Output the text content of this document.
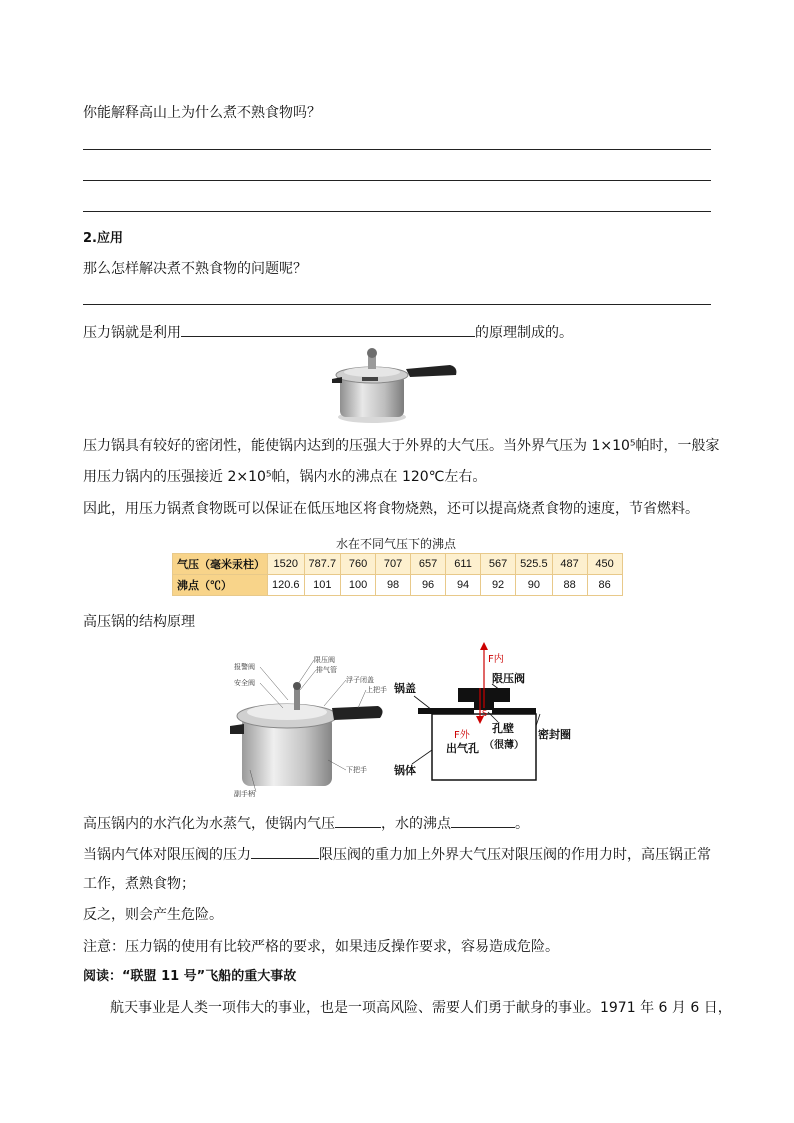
你能解释高山上为什么煮不熟食物吗？
2.应用
那么怎样解决煮不熟食物的问题呢？
压力锅就是利用	的原理制成的。
压力锅具有较好的密闭性，能使锅内达到的压强大于外界的大气压。当外界气压为 1×10⁵帕时，一般家
用压力锅内的压强接近 2×10⁵帕，锅内水的沸点在 120℃左右。
因此，用压力锅煮食物既可以保证在低压地区将食物烧熟，还可以提高烧煮食物的速度，节省燃料。
水在不同气压下的沸点
气压（毫米汞柱）	1520	787.7	760	707	657	611	567	525.5	487	450
沸点（℃）	120.6	101	100	98	96	94	92	90	88	86
高压锅的结构原理
报警阀
安全阀
限压阀
排气管
浮子闭盖
上把手
下把手
副手柄
F内
F外
S
限压阀
锅盖
孔壁
（很薄）
密封圈
出气孔
锅体
高压锅内的水汽化为水蒸气，使锅内气压	，水的沸点	。
当锅内气体对限压阀的压力	限压阀的重力加上外界大气压对限压阀的作用力时，高压锅正常
工作，煮熟食物；
反之，则会产生危险。
注意：压力锅的使用有比较严格的要求，如果违反操作要求，容易造成危险。
阅读：“联盟 11 号”飞船的重大事故
航天事业是人类一项伟大的事业，也是一项高风险、需要人们勇于献身的事业。1971 年 6 月 6 日，
